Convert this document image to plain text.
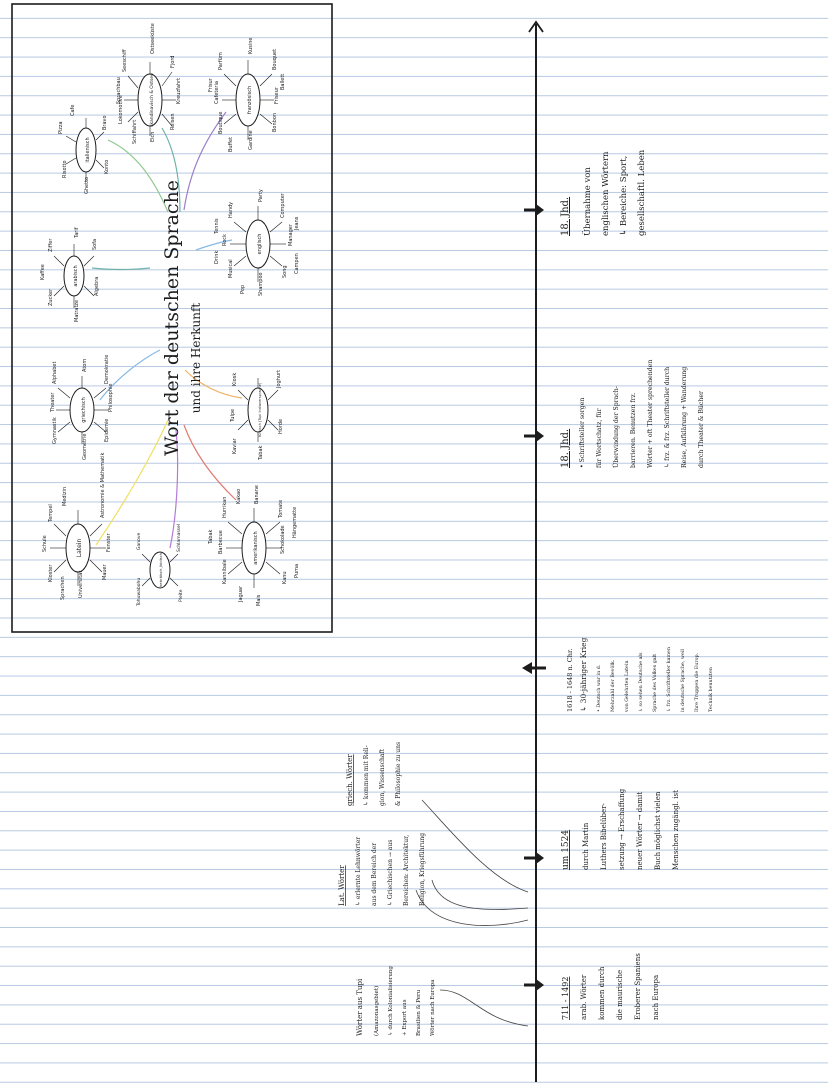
Wort der deutschen Sprache und ihre Herkunft
italienisch
Pizza
Cafe
Bravo
Konto
Ghetto
Risotto
skandinavisch & Ostsee
Ostseeküste
Fjord
Seeschiff
Kreuzfahrt
Lokomotive
Sprachbau
Schiffahrt Elch
Reisen
französisch
Kusine
Parfüm	Bouquet
Friseur
Cafeteria
Boutique
Buffet	Gardine
Bonbon
Ballett
Frisur
englisch
Party
Handy	Computer
Manager
Rock
Musical
Shampoo
Song
Jeans
Tennis
Pop
Campen
Drink
arabisch
Ziffer
Tarif
Sofa
Algebra
Matratze
Zucker
Kaffee
türkisch (Tupi Indianersprache)
Kiosk	Joghurt
Tulpe
Horde
Kaviar	Tabak
griechisch
Alphabet	Demokratie
Philosophie
Theater
Gymnastik	Epidemie
Atom
Geometrie
Latein
Medizin	Astronomie & Mathematik
Fenster
Mauer
Kloster
Schule
Tempel
Universität
Sprachen
hebräisch Jiddisch
Ganove	Schlamassel
Tohuwabohu	Pleite
amerikanisch
Kakao Banane
Tomate Hängematte
Schokolade
Kanu
Mais
Jaguar
Kannibale
Barbecue
Hurrikan
Tabak
Puma
18. Jhd. Übernahme von englischen Wörtern ↳ Bereiche: Sport, gesellschaftl. Leben
18. Jhd. • Schriftsteller sorgen für Wortschatz, für Überwindung der Sprach- barrieren. Benutzen frz. Wörter + oft Theater sprechenden ↳ frz. & frz. Schriftsteller durch Reise, Aufklärung + Wanderung durch Theater & Bücher
1618 - 1648 n. Chr. ↳ 30-jähriger Krieg • Deutsch war in d. Mehrzahl der Bevölk. von Gelehrten Latein ↳ so sehen Deutsche als Sprache des Volkes galt ↳ frz. Schriftsteller kamen in deutsche Sprache, weil Ihre Truppen die Europ. Technik benutzten
um 1524 durch Martin Luthers Bibelüber- setzung → Erschaffung neuer Wörter → damit Buch möglichst vielen Menschen zugängl. ist
711 - 1492 arab. Wörter kommen durch die maurische Eroberer Spaniens nach Europa
griech. Wörter ↳ kommen mit Reli- gion, Wissenschaft & Philosophie zu uns
Lat. Wörter ↳ erlernte Lehnwörter aus dem Bereich der ↳ Griechischen → aus Bereichen: Architektur, Religion, Kriegsführung
Wörter aus Tupi (Amazonasgebiet) ↳ durch Kolonialisierung + Export aus Brasilien & Peru Wörter nach Europa
